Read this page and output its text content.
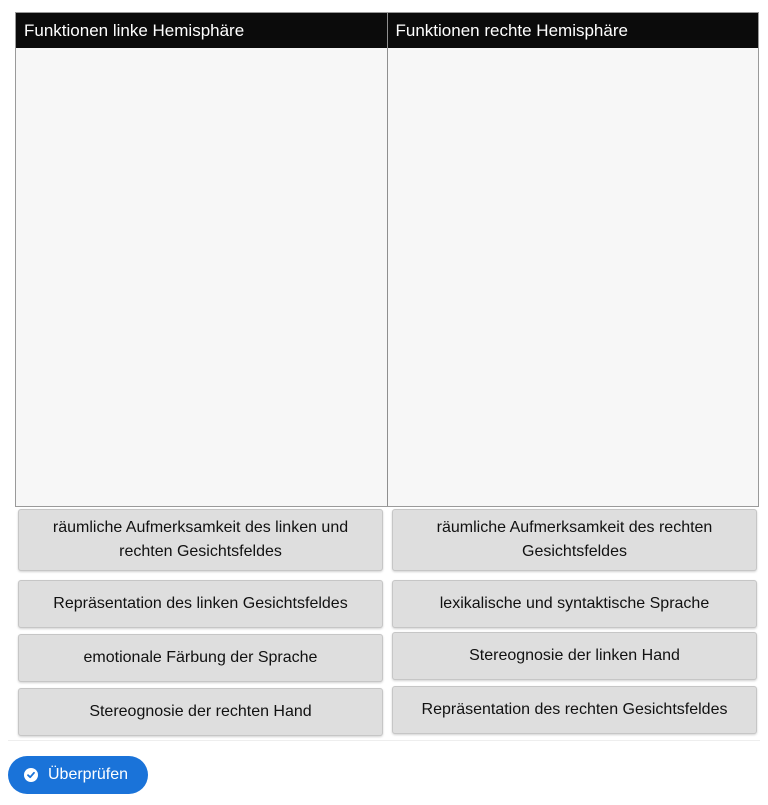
Funktionen linke Hemisphäre	Funktionen rechte Hemisphäre
räumliche Aufmerksamkeit des linken und rechten Gesichtsfeldes
räumliche Aufmerksamkeit des rechten Gesichtsfeldes
Repräsentation des linken Gesichtsfeldes	lexikalische und syntaktische Sprache
emotionale Färbung der Sprache	Stereognosie der linken Hand
Stereognosie der rechten Hand	Repräsentation des rechten Gesichtsfeldes
Überprüfen
